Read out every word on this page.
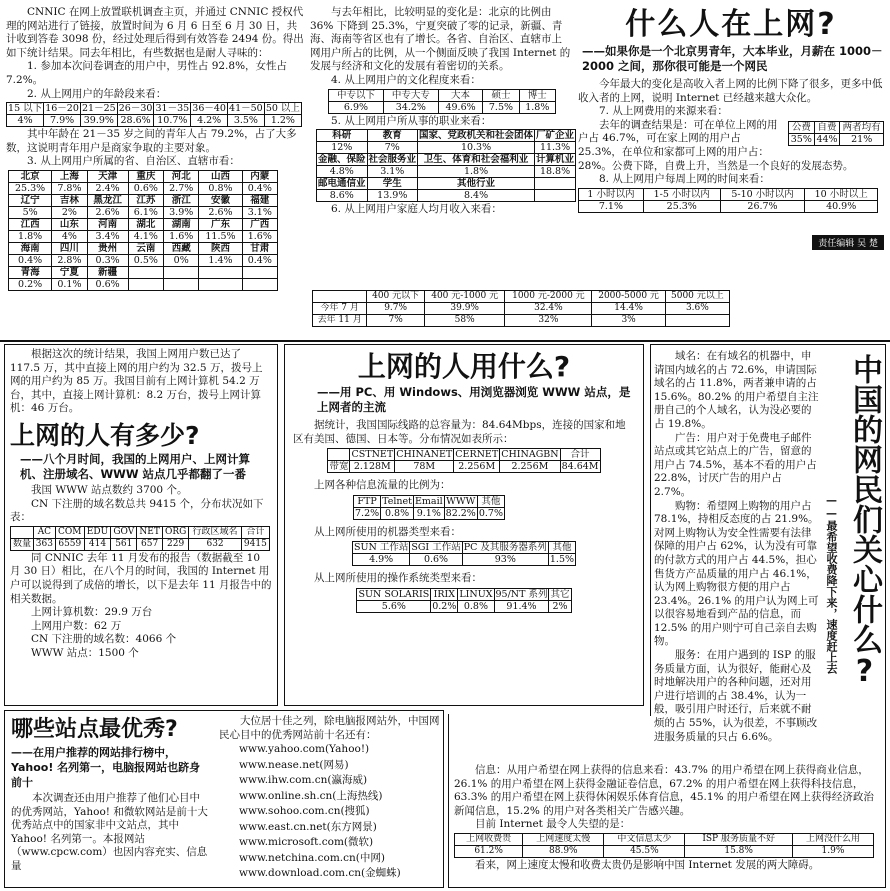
CNNIC 在网上放置联机调查主页，并通过 CNNIC 授权代理的网站进行了链接，放置时间为 6 月 6 日至 6 月 30 日，共计收到答卷 3098 份，经过处理后得到有效答卷 2494 份。得出如下统计结果。同去年相比，有些数据也是耐人寻味的：

1. 参加本次问卷调查的用户中，男性占 92.8%，女性占 7.2%。

2. 从上网用户的年龄段来看：

15 以下	16－20	21－25	26－30	31－35	36－40	41－50	50 以上
4%	7.9%	39.9%	28.6%	10.7%	4.2%	3.5%	1.2%

其中年龄在 21－35 岁之间的青年人占 79.2%，占了大多数，这说明青年用户是商家争取的主要对象。

3. 从上网用户所属的省、自治区、直辖市看：

北京	上海	天津	重庆	河北	山西	内蒙
25.3%	7.8%	2.4%	0.6%	2.7%	0.8%	0.4%
辽宁	吉林	黑龙江	江苏	浙江	安徽	福建
5%	2%	2.6%	6.1%	3.9%	2.6%	3.1%
江西	山东	河南	湖北	湖南	广东	广西
1.8%	4%	3.4%	4.1%	1.6%	11.5%	1.6%
海南	四川	贵州	云南	西藏	陕西	甘肃
0.4%	2.8%	0.3%	0.5%	0%	1.4%	0.4%
青海	宁夏	新疆				
0.2%	0.1%	0.6%				

与去年相比，比较明显的变化是：北京的比例由 36% 下降到 25.3%，宁夏突破了零的记录，新疆、青海、海南等省区也有了增长。各省、自治区、直辖市上网用户所占的比例，从一个侧面反映了我国 Internet 的发展与经济和文化的发展有着密切的关系。

4. 从上网用户的文化程度来看：

中专以下	中专大专	大本	硕士	博士
6.9%	34.2%	49.6%	7.5%	1.8%

5. 从上网用户所从事的职业来看：

科研	教育	国家、党政机关和社会团体	厂矿企业
12%	7%	10.3%	11.3%
金融、保险	社会服务业	卫生、体育和社会福利业	计算机业
4.8%	3.1%	1.8%	18.8%
邮电通信业	学生	其他行业	
8.6%	13.9%	8.4%	

6. 从上网用户家庭人均月收入来看：

	400 元以下	400 元-1000 元	1000 元-2000 元	2000-5000 元	5000 元以上
今年 7 月	9.7%	39.9%	32.4%	14.4%	3.6%
去年 11 月	7%	58%	32%	3%	
什么人在上网?
——如果你是一个北京男青年，大本毕业，月薪在 1000－2000 之间，那你很可能是一个网民

今年最大的变化是高收入者上网的比例下降了很多，更多中低收入者的上网，说明 Internet 已经越来越大众化。

7. 从上网费用的来源来看：

公费	自费	两者均有
35%	44%	21%

去年的调查结果是：可在单位上网的用户占 46.7%，可在家上网的用户占 25.3%，在单位和家都可上网的用户占：28%。公费下降，自费上升，当然是一个良好的发展态势。

8. 从上网用户每周上网的时间来看：

1 小时以内	1-5 小时以内	5-10 小时以内	10 小时以上
7.1%	25.3%	26.7%	40.9%
责任编辑 吴 楚

根据这次的统计结果，我国上网用户数已达了 117.5 万，其中直接上网的用户约为 32.5 万，拨号上网的用户约为 85 万。我国目前有上网计算机 54.2 万台，其中，直接上网计算机：8.2 万台，拨号上网计算机：46 万台。

上网的人有多少?
——八个月时间，我国的上网用户、上网计算机、注册域名、WWW 站点几乎都翻了一番

我国 WWW 站点数约 3700 个。

CN 下注册的域名数总共 9415 个，分布状况如下表：

	AC	COM	EDU	GOV	NET	ORG	行政区域名	合计
数量	363	6559	414	561	657	229	632	9415

同 CNNIC 去年 11 月发布的报告（数据截至 10 月 30 日）相比，在八个月的时间，我国的 Internet 用户可以说得到了成倍的增长，以下是去年 11 月报告中的相关数据。

上网计算机数：29.9 万台

上网用户数：62 万

CN 下注册的域名数：4066 个

WWW 站点：1500 个

上网的人用什么?
——用 PC、用 Windows、用浏览器浏览 WWW 站点，是上网者的主流

据统计，我国国际线路的总容量为：84.64Mbps，连接的国家和地区有美国、德国、日本等。分布情况如表所示：

	CSTNET	CHINANET	CERNET	CHINAGBN	合计
带宽	2.128M	78M	2.256M	2.256M	84.64M

上网各种信息流量的比例为：

FTP	Telnet	Email	WWW	其他
7.2%	0.8%	9.1%	82.2%	0.7%

从上网所使用的机器类型来看：

SUN 工作站	SGI 工作站	PC 及其服务器系列	其他
4.9%	0.6%	93%	1.5%

从上网所使用的操作系统类型来看：

SUN SOLARIS	IRIX	LINUX	95/NT 系列	其它
5.6%	0.2%	0.8%	91.4%	2%	中国的网民们关心什么?
——最希望收费降下来，速度赶上去

域名：在有域名的机器中，申请国内域名的占 72.6%，申请国际域名的占 11.8%，两者兼申请的占 15.6%。80.2% 的用户希望自主注册自己的个人域名，认为没必要的占 19.8%。

广告：用户对于免费电子邮件站点或其它站点上的广告，留意的用户占 74.5%，基本不看的用户占 22.8%，讨厌广告的用户占 2.7%。

购物：希望网上购物的用户占 78.1%，持相反态度的占 21.9%。对网上购物认为安全性需要有法律保障的用户占 62%，认为没有可靠的付款方式的用户占 44.5%，担心售货方产品质量的用户占 46.1%，认为网上购物很方便的用户占 23.4%。26.1% 的用户认为网上可以很容易地看到产品的信息，而 12.5% 的用户则宁可自己亲自去购物。

服务：在用户遇到的 ISP 的服务质量方面，认为很好，能耐心及时地解决用户的各种问题，还对用户进行培训的占 38.4%，认为一般，吸引用户时还行，后来就不耐烦的占 55%，认为很差，不事顾改进服务质量的只占 6.6%。

信息：从用户希望在网上获得的信息来看：43.7% 的用户希望在网上获得商业信息，26.1% 的用户希望在网上获得金融证卷信息，67.2% 的用户希望在网上获得科技信息，63.3% 的用户希望在网上获得休闲娱乐体育信息，45.1% 的用户希望在网上获得经济政治新闻信息，15.2% 的用户对各类相关广告感兴趣。

目前 Internet 最令人失望的是：

上网收费贵	上网速度太慢	中文信息太少	ISP 服务质量不好	上网没什么用
61.2%	88.9%	45.5%	15.8%	1.9%

看来，网上速度太慢和收费太贵仍是影响中国 Internet 发展的两大障碍。

哪些站点最优秀?
——在用户推荐的网站排行榜中，Yahoo! 名列第一，电脑报网站也跻身前十

本次调查还由用户推荐了他们心目中的优秀网站，Yahoo! 和微软网站是前十大优秀站点中的国家非中文站点，其中 Yahoo! 名列第一。本报网站（www.cpcw.com）也因内容充实、信息量

大位居十佳之列，除电脑报网站外，中国网民心目中的优秀网站前十名还有：

www.yahoo.com(Yahoo!)

www.nease.net(网易)

www.ihw.com.cn(瀛海威)

www.online.sh.cn(上海热线)

www.sohoo.com.cn(搜狐)

www.east.cn.net(东方网景)

www.microsoft.com(微软)

www.netchina.com.cn(中网)

www.download.com.cn(金蜘蛛)
